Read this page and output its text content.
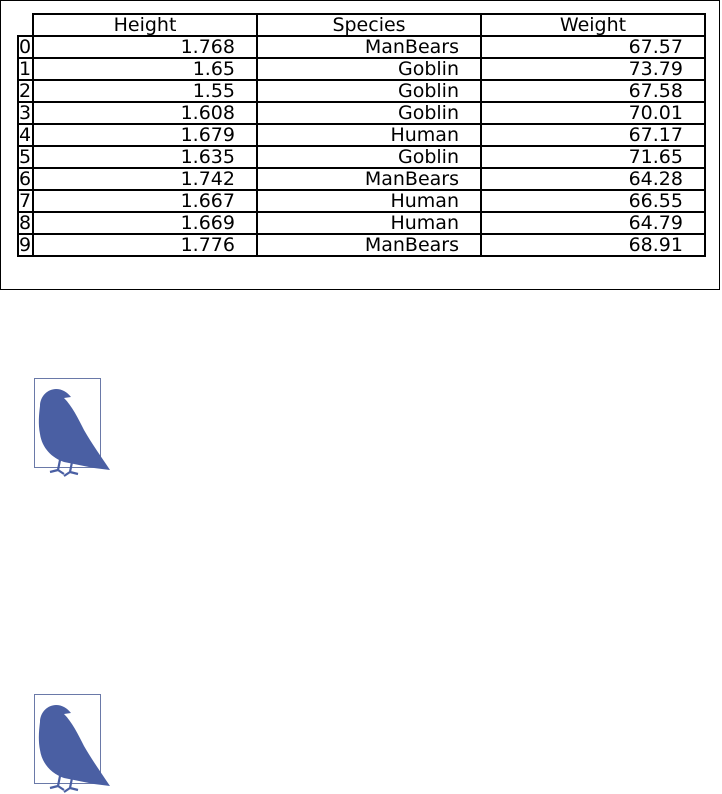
	Height	Species	Weight
0	1.768	ManBears	67.57
1	1.65	Goblin	73.79
2	1.55	Goblin	67.58
3	1.608	Goblin	70.01
4	1.679	Human	67.17
5	1.635	Goblin	71.65
6	1.742	ManBears	64.28
7	1.667	Human	66.55
8	1.669	Human	64.79
9	1.776	ManBears	68.91
